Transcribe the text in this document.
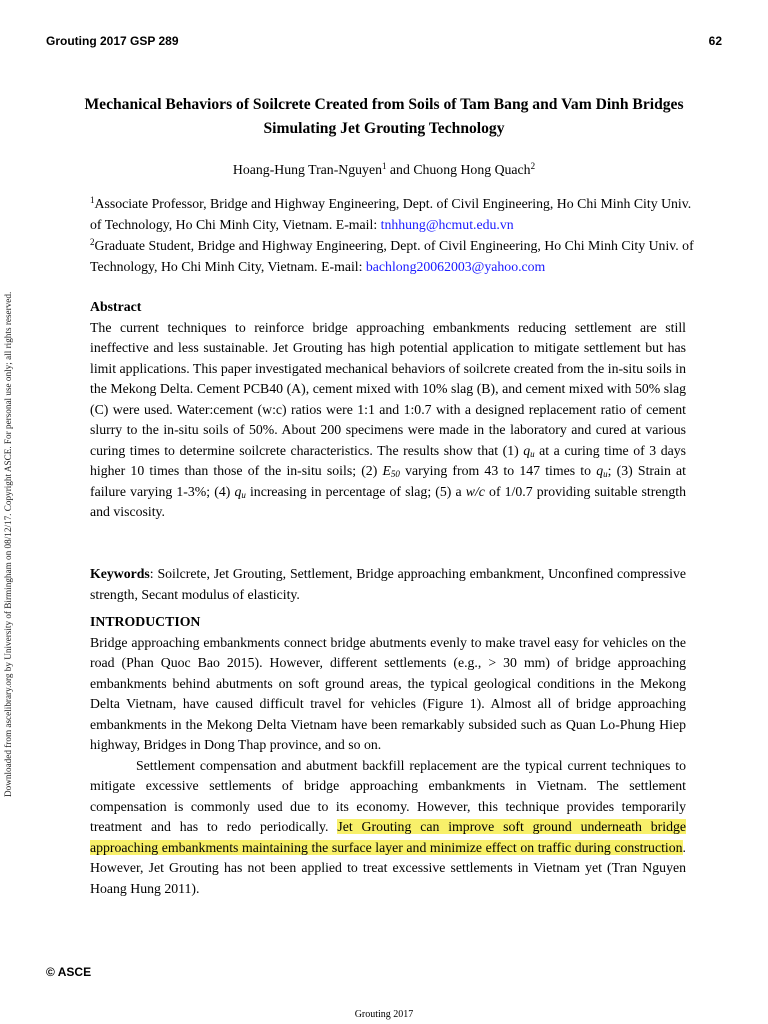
Grouting 2017 GSP 289	62
Downloaded from ascelibrary.org by University of Birmingham on 08/12/17. Copyright ASCE. For personal use only; all rights reserved.
Mechanical Behaviors of Soilcrete Created from Soils of Tam Bang and Vam Dinh Bridges Simulating Jet Grouting Technology
Hoang-Hung Tran-Nguyen$^1$ and Chuong Hong Quach$^2$

$^1$Associate Professor, Bridge and Highway Engineering, Dept. of Civil Engineering, Ho Chi Minh City Univ. of Technology, Ho Chi Minh City, Vietnam. E-mail: tnhhung@hcmut.edu.vn

$^2$Graduate Student, Bridge and Highway Engineering, Dept. of Civil Engineering, Ho Chi Minh City Univ. of Technology, Ho Chi Minh City, Vietnam. E-mail: bachlong20062003@yahoo.com

Abstract

The current techniques to reinforce bridge approaching embankments reducing settlement are still ineffective and less sustainable. Jet Grouting has high potential application to mitigate settlement but has limit applications. This paper investigated mechanical behaviors of soilcrete created from the in-situ soils in the Mekong Delta. Cement PCB40 (A), cement mixed with 10% slag (B), and cement mixed with 50% slag (C) were used. Water:cement (w:c) ratios were 1:1 and 1:0.7 with a designed replacement ratio of cement slurry to the in-situ soils of 50%. About 200 specimens were made in the laboratory and cured at various curing times to determine soilcrete characteristics. The results show that (1) $q_u$ at a curing time of 3 days higher 10 times than those of the in-situ soils; (2) $E_{50}$ varying from 43 to 147 times to $q_u$; (3) Strain at failure varying 1-3%; (4) $q_u$ increasing in percentage of slag; (5) a w/c of 1/0.7 providing suitable strength and viscosity.

Keywords: Soilcrete, Jet Grouting, Settlement, Bridge approaching embankment, Unconfined compressive strength, Secant modulus of elasticity.

INTRODUCTION

Bridge approaching embankments connect bridge abutments evenly to make travel easy for vehicles on the road (Phan Quoc Bao 2015). However, different settlements (e.g., > 30 mm) of bridge approaching embankments behind abutments on soft ground areas, the typical geological conditions in the Mekong Delta Vietnam, have caused difficult travel for vehicles (Figure 1). Almost all of bridge approaching embankments in the Mekong Delta Vietnam have been remarkably subsided such as Quan Lo-Phung Hiep highway, Bridges in Dong Thap province, and so on.

Settlement compensation and abutment backfill replacement are the typical current techniques to mitigate excessive settlements of bridge approaching embankments in Vietnam. The settlement compensation is commonly used due to its economy. However, this technique provides temporarily treatment and has to redo periodically. Jet Grouting can improve soft ground underneath bridge approaching embankments maintaining the surface layer and minimize effect on traffic during construction. However, Jet Grouting has not been applied to treat excessive settlements in Vietnam yet (Tran Nguyen Hoang Hung 2011).

© ASCE
Grouting 2017
